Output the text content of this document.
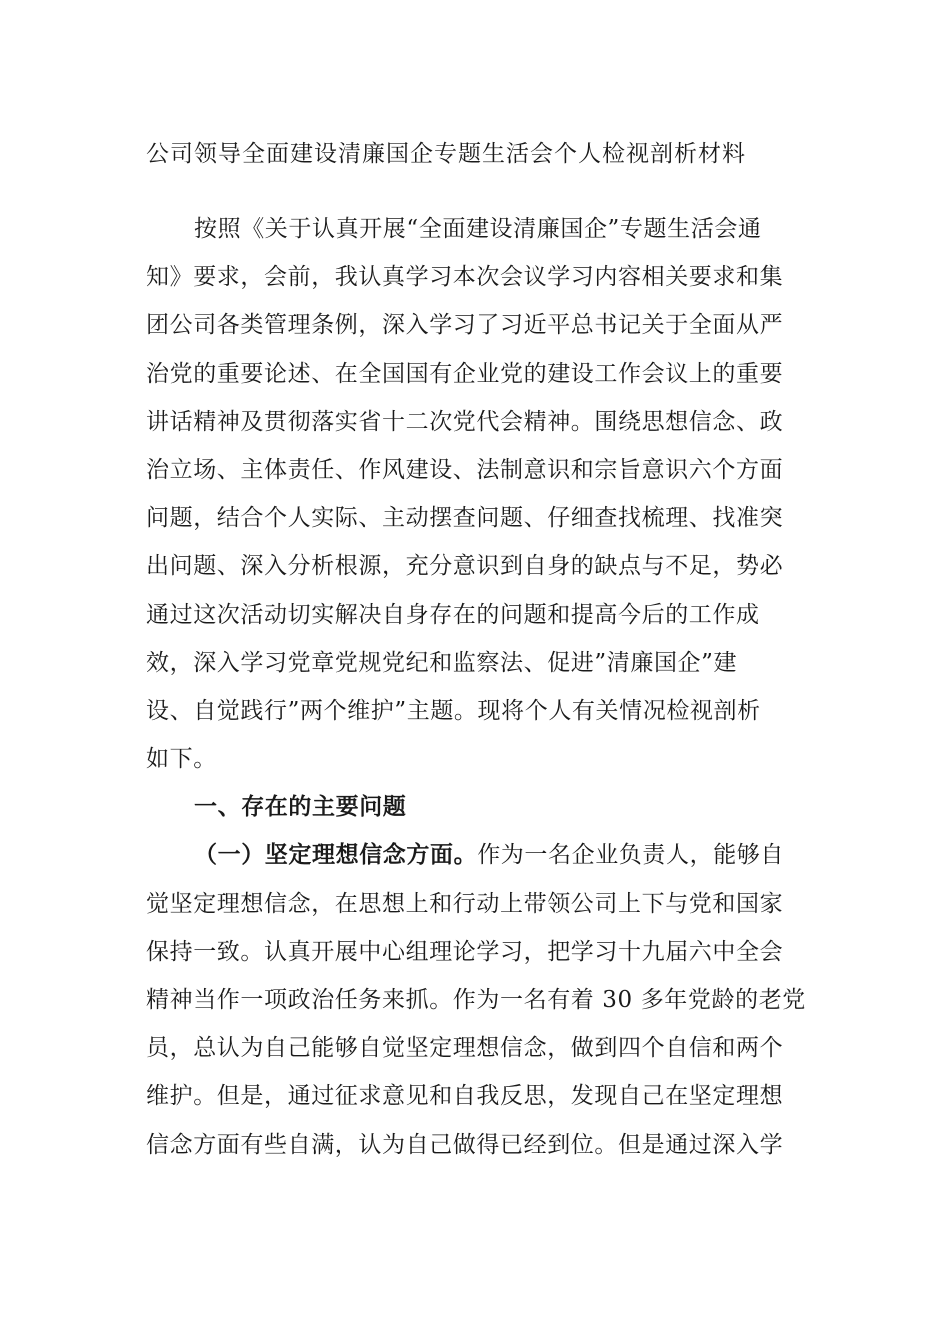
公司领导全面建设清廉国企专题生活会个人检视剖析材料
按照《关于认真开展“全面建设清廉国企”专题生活会通
知》要求，会前，我认真学习本次会议学习内容相关要求和集
团公司各类管理条例，深入学习了习近平总书记关于全面从严
治党的重要论述、在全国国有企业党的建设工作会议上的重要
讲话精神及贯彻落实省十二次党代会精神。围绕思想信念、政
治立场、主体责任、作风建设、法制意识和宗旨意识六个方面
问题，结合个人实际、主动摆查问题、仔细查找梳理、找准突
出问题、深入分析根源，充分意识到自身的缺点与不足，势必
通过这次活动切实解决自身存在的问题和提高今后的工作成
效，深入学习党章党规党纪和监察法、促进”清廉国企”建
设、自觉践行”两个维护”主题。现将个人有关情况检视剖析
如下。
一、存在的主要问题
（一）坚定理想信念方面。作为一名企业负责人，能够自
觉坚定理想信念，在思想上和行动上带领公司上下与党和国家
保持一致。认真开展中心组理论学习，把学习十九届六中全会
精神当作一项政治任务来抓。作为一名有着 30 多年党龄的老党
员，总认为自己能够自觉坚定理想信念，做到四个自信和两个
维护。但是，通过征求意见和自我反思，发现自己在坚定理想
信念方面有些自满，认为自己做得已经到位。但是通过深入学
